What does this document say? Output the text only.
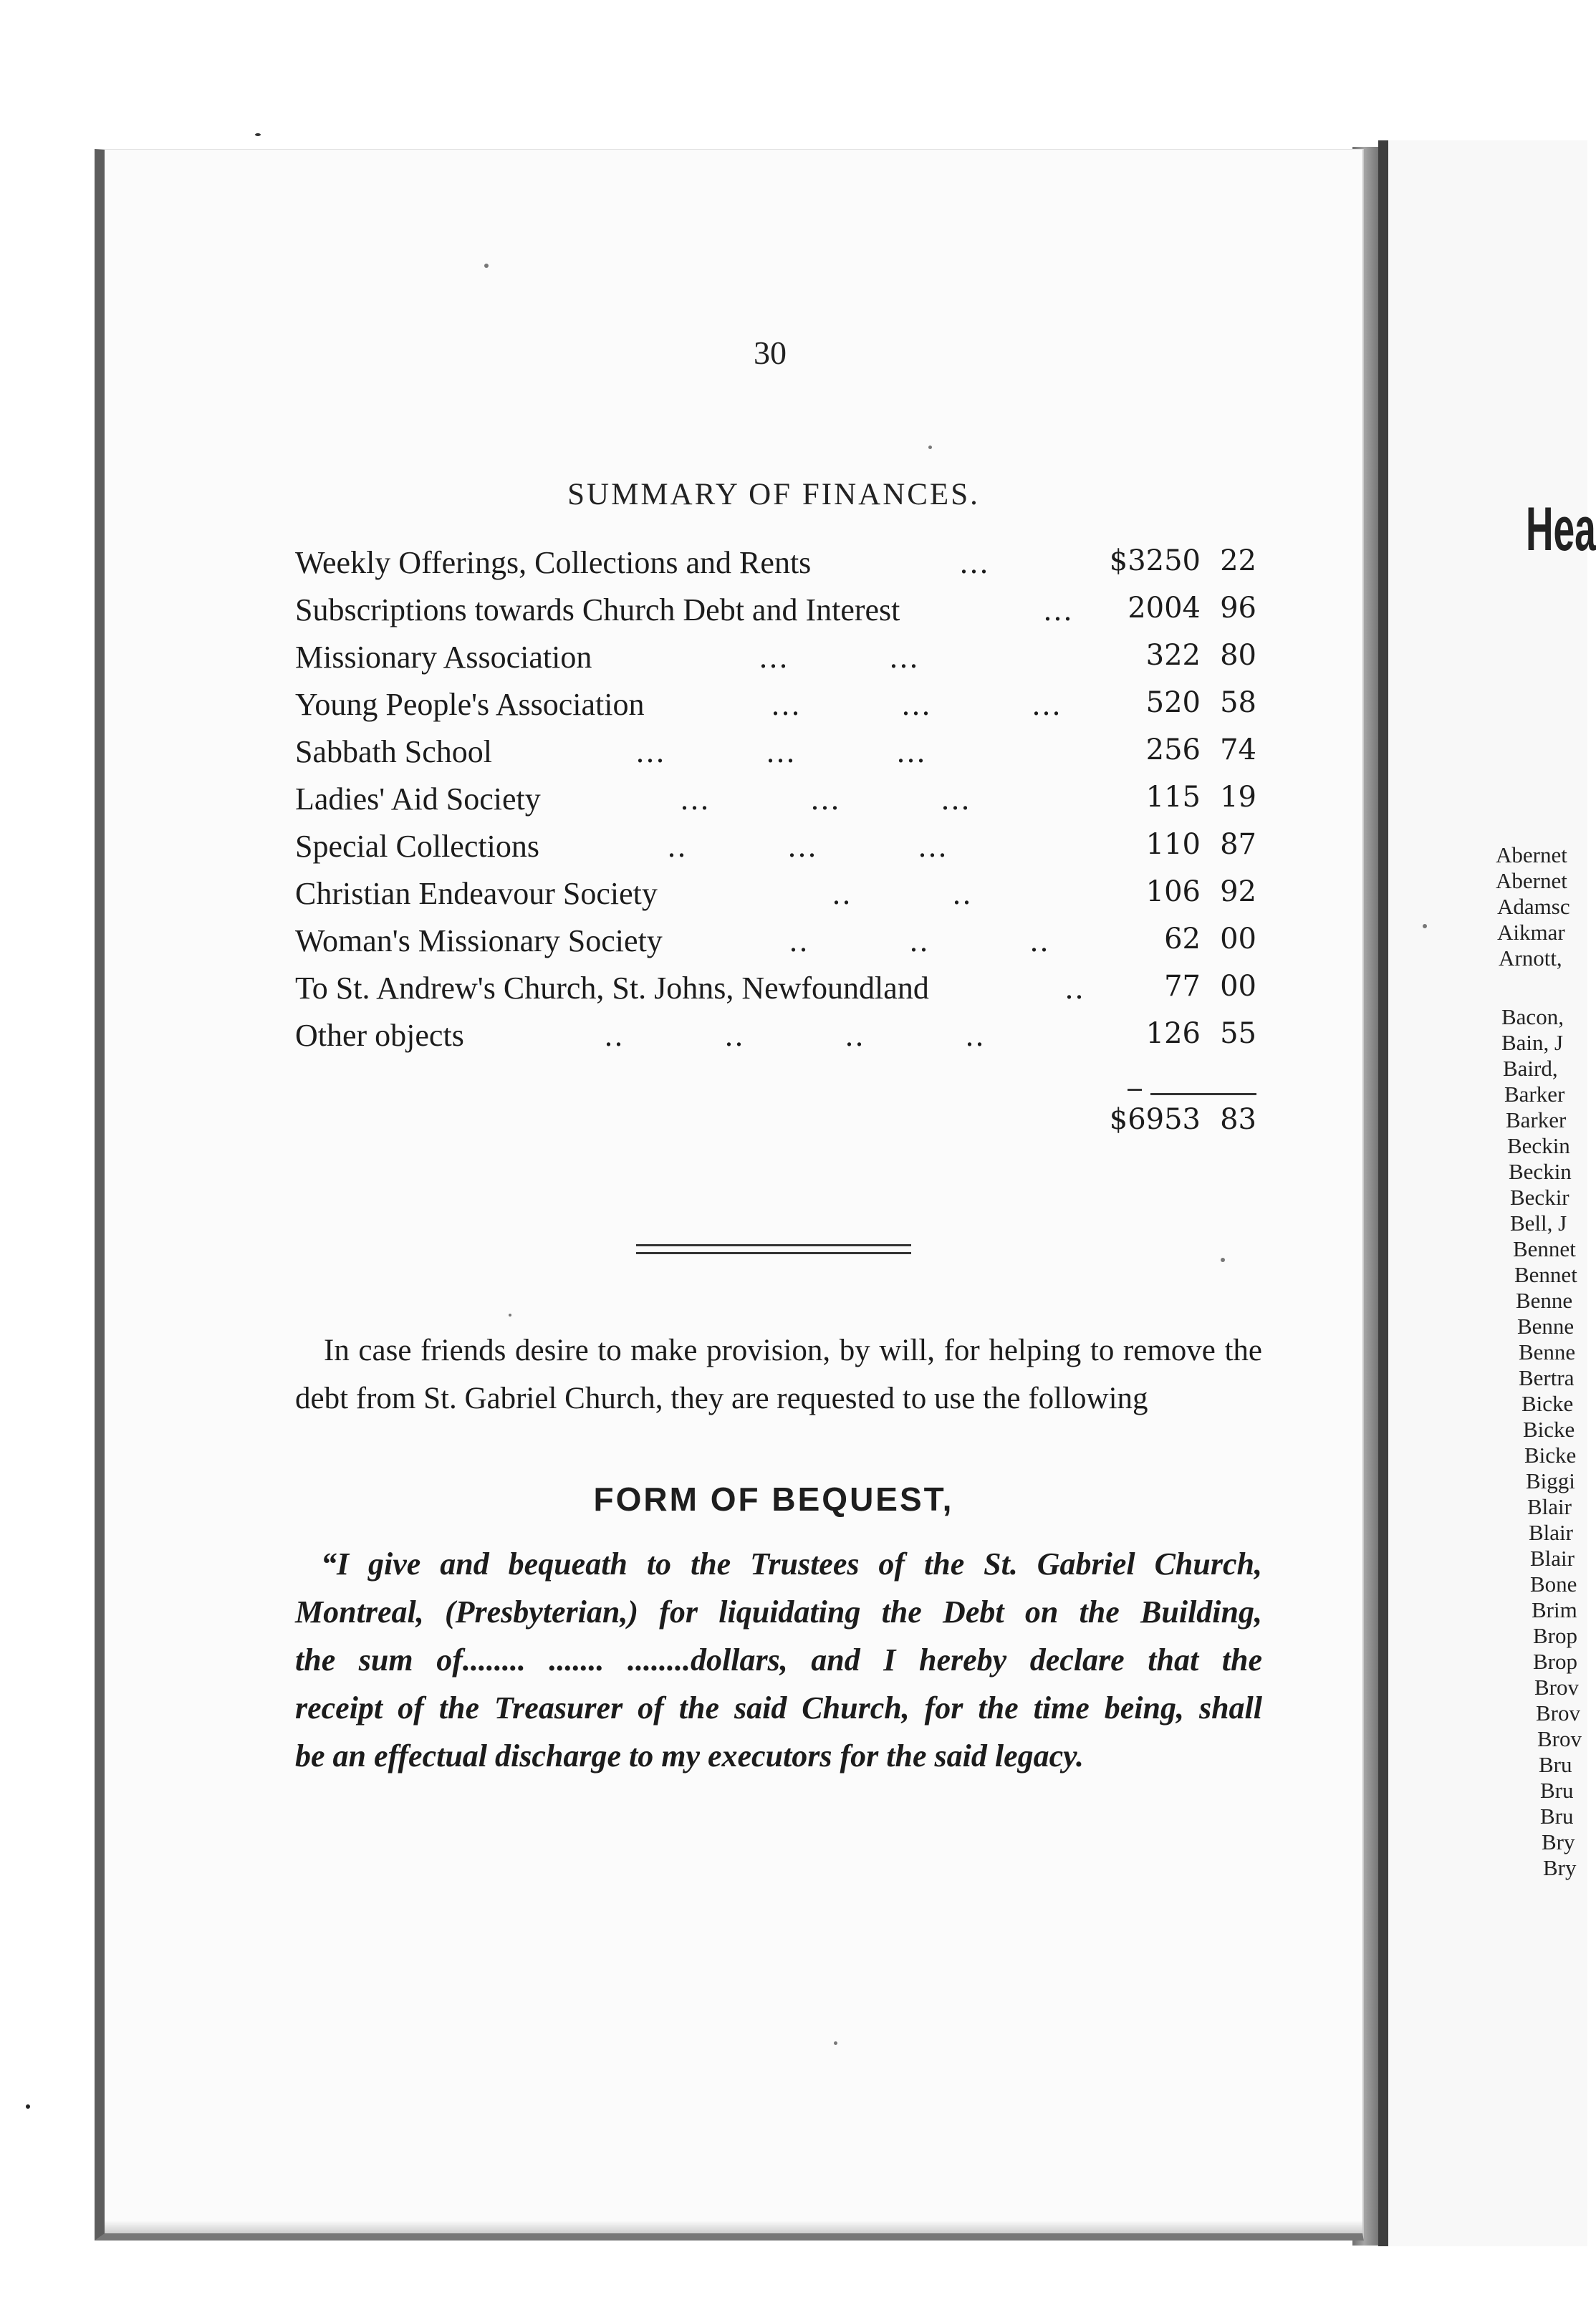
30
SUMMARY OF FINANCES.
Weekly Offerings, Collections and Rents	...	$3250 22
Subscriptions towards Church Debt and Interest	... 2004 96
Missionary Association	...          ...	322 80
Young People's Association	...          ...          ...	520 58
Sabbath School	...          ...          ...	256 74
Ladies' Aid Society	...          ...          ...	115 19
Special Collections	..          ...          ...	110 87
Christian Endeavour Society	..          ..	106 92
Woman's Missionary Society	..          ..          ..	62 00
To St. Andrew's Church, St. Johns, Newfoundland	..	77 00
Other objects	..          ..          ..          ..	126 55
$6953 83
In case friends desire to make provision, by will, for helping to remove the debt from St. Gabriel Church, they are requested to use the following
FORM OF BEQUEST,
“I give and bequeath to the Trustees of the St. Gabriel Church,
Montreal, (Presbyterian,) for liquidating the Debt on the Building,
the sum of........ ....... ........dollars, and I hereby declare that the
receipt of the Treasurer of the said Church, for the time being, shall
be an effectual discharge to my executors for the said legacy.
Hea
Abernet
Abernet
Adamsc
Aikmar
Arnott,
Bacon,
Bain, J
Baird,
Barker
Barker
Beckin
Beckin
Beckir
Bell, J
Bennet
Bennet
Benne
Benne
Benne
Bertra
Bicke
Bicke
Bicke
Biggi
Blair
Blair
Blair
Bone
Brim
Brop
Brop
Brov
Brov
Brov
Bru
Bru
Bru
Bry
Bry
